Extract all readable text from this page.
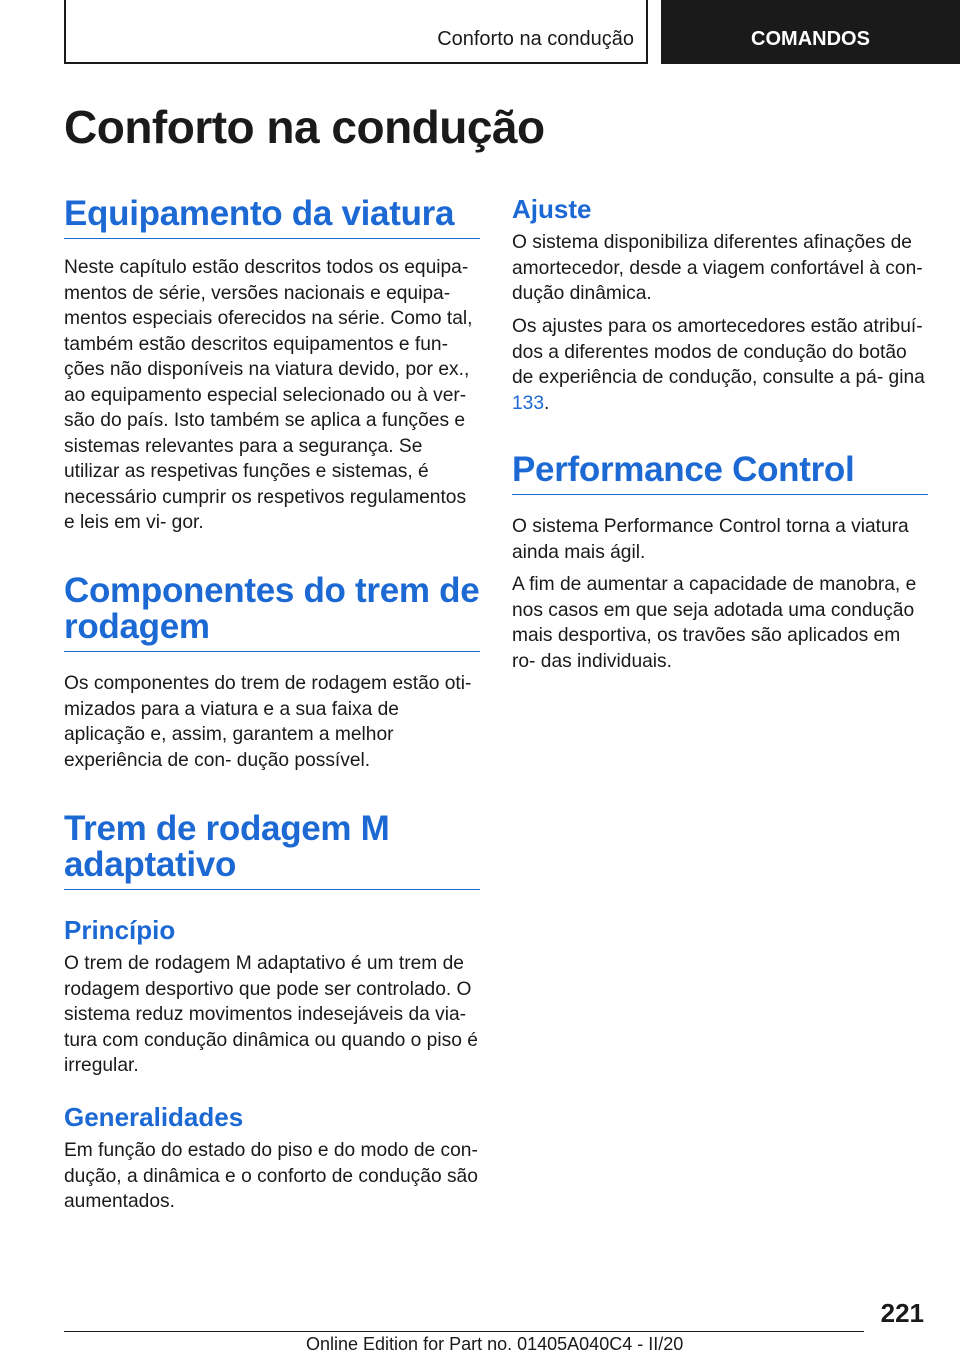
Conforto na condução	COMANDOS
Conforto na condução
Equipamento da viatura

Neste capítulo estão descritos todos os equipa- mentos de série, versões nacionais e equipa- mentos especiais oferecidos na série. Como tal, também estão descritos equipamentos e fun- ções não disponíveis na viatura devido, por ex., ao equipamento especial selecionado ou à ver- são do país. Isto também se aplica a funções e sistemas relevantes para a segurança. Se utilizar as respetivas funções e sistemas, é necessário cumprir os respetivos regulamentos e leis em vi- gor.

Componentes do trem de rodagem

Os componentes do trem de rodagem estão oti- mizados para a viatura e a sua faixa de aplicação e, assim, garantem a melhor experiência de con- dução possível.

Trem de rodagem M adaptativo
Princípio

O trem de rodagem M adaptativo é um trem de rodagem desportivo que pode ser controlado. O sistema reduz movimentos indesejáveis da via- tura com condução dinâmica ou quando o piso é irregular.

Generalidades

Em função do estado do piso e do modo de con- dução, a dinâmica e o conforto de condução são aumentados.

Ajuste

O sistema disponibiliza diferentes afinações de amortecedor, desde a viagem confortável à con- dução dinâmica.

Os ajustes para os amortecedores estão atribuí- dos a diferentes modos de condução do botão de experiência de condução, consulte a pá- gina 133.

Performance Control

O sistema Performance Control torna a viatura ainda mais ágil.

A fim de aumentar a capacidade de manobra, e nos casos em que seja adotada uma condução mais desportiva, os travões são aplicados em ro- das individuais.

221
Online Edition for Part no. 01405A040C4 - II/20
